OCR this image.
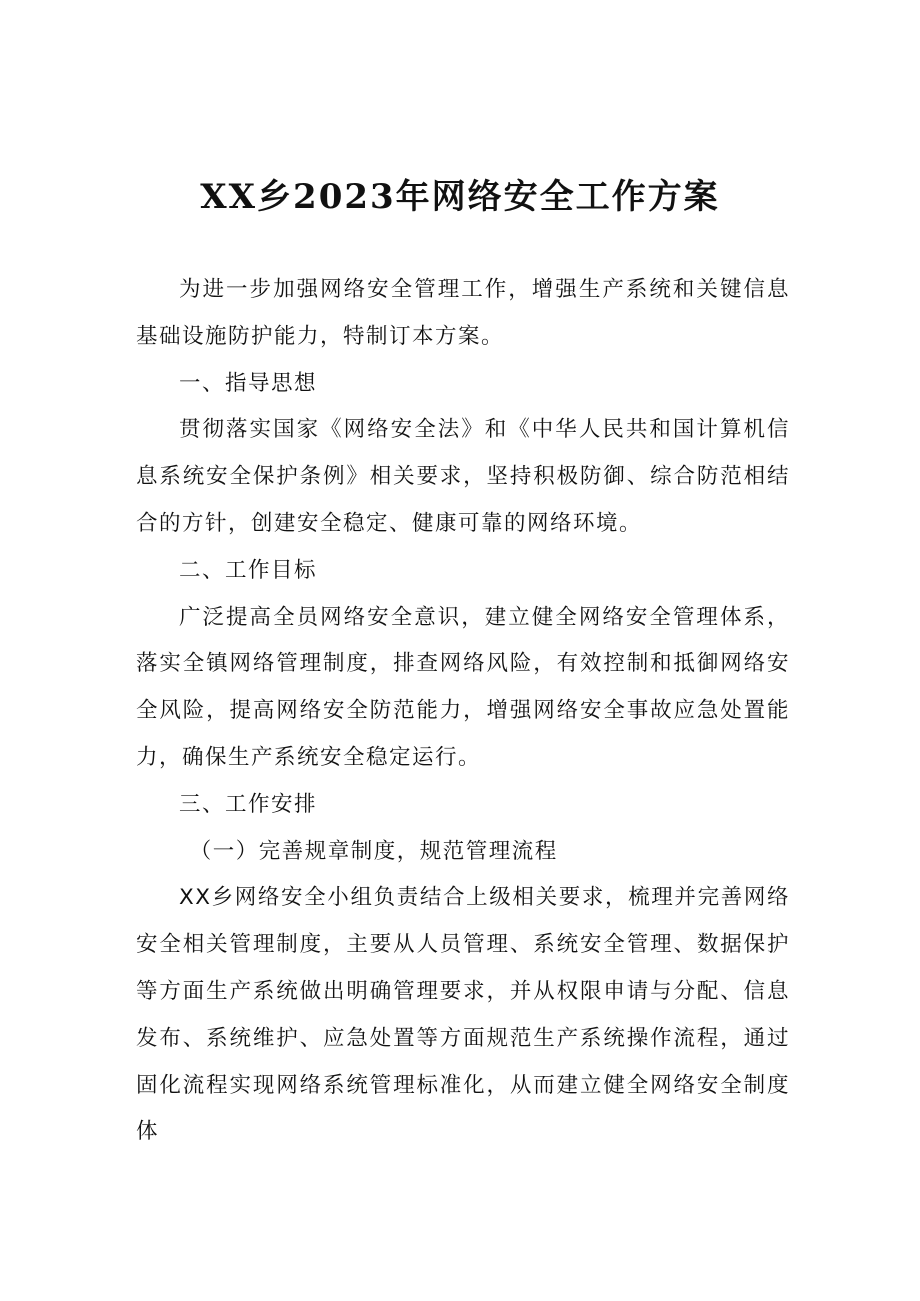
XX乡2023年网络安全工作方案

为进一步加强网络安全管理工作，增强生产系统和关键信息基础设施防护能力，特制订本方案。

一、指导思想

贯彻落实国家《网络安全法》和《中华人民共和国计算机信息系统安全保护条例》相关要求，坚持积极防御、综合防范相结合的方针，创建安全稳定、健康可靠的网络环境。

二、工作目标

广泛提高全员网络安全意识，建立健全网络安全管理体系，落实全镇网络管理制度，排查网络风险，有效控制和抵御网络安全风险，提高网络安全防范能力，增强网络安全事故应急处置能力，确保生产系统安全稳定运行。

三、工作安排

（一）完善规章制度，规范管理流程

XX乡网络安全小组负责结合上级相关要求，梳理并完善网络安全相关管理制度，主要从人员管理、系统安全管理、数据保护等方面生产系统做出明确管理要求，并从权限申请与分配、信息发布、系统维护、应急处置等方面规范生产系统操作流程，通过固化流程实现网络系统管理标准化，从而建立健全网络安全制度体
